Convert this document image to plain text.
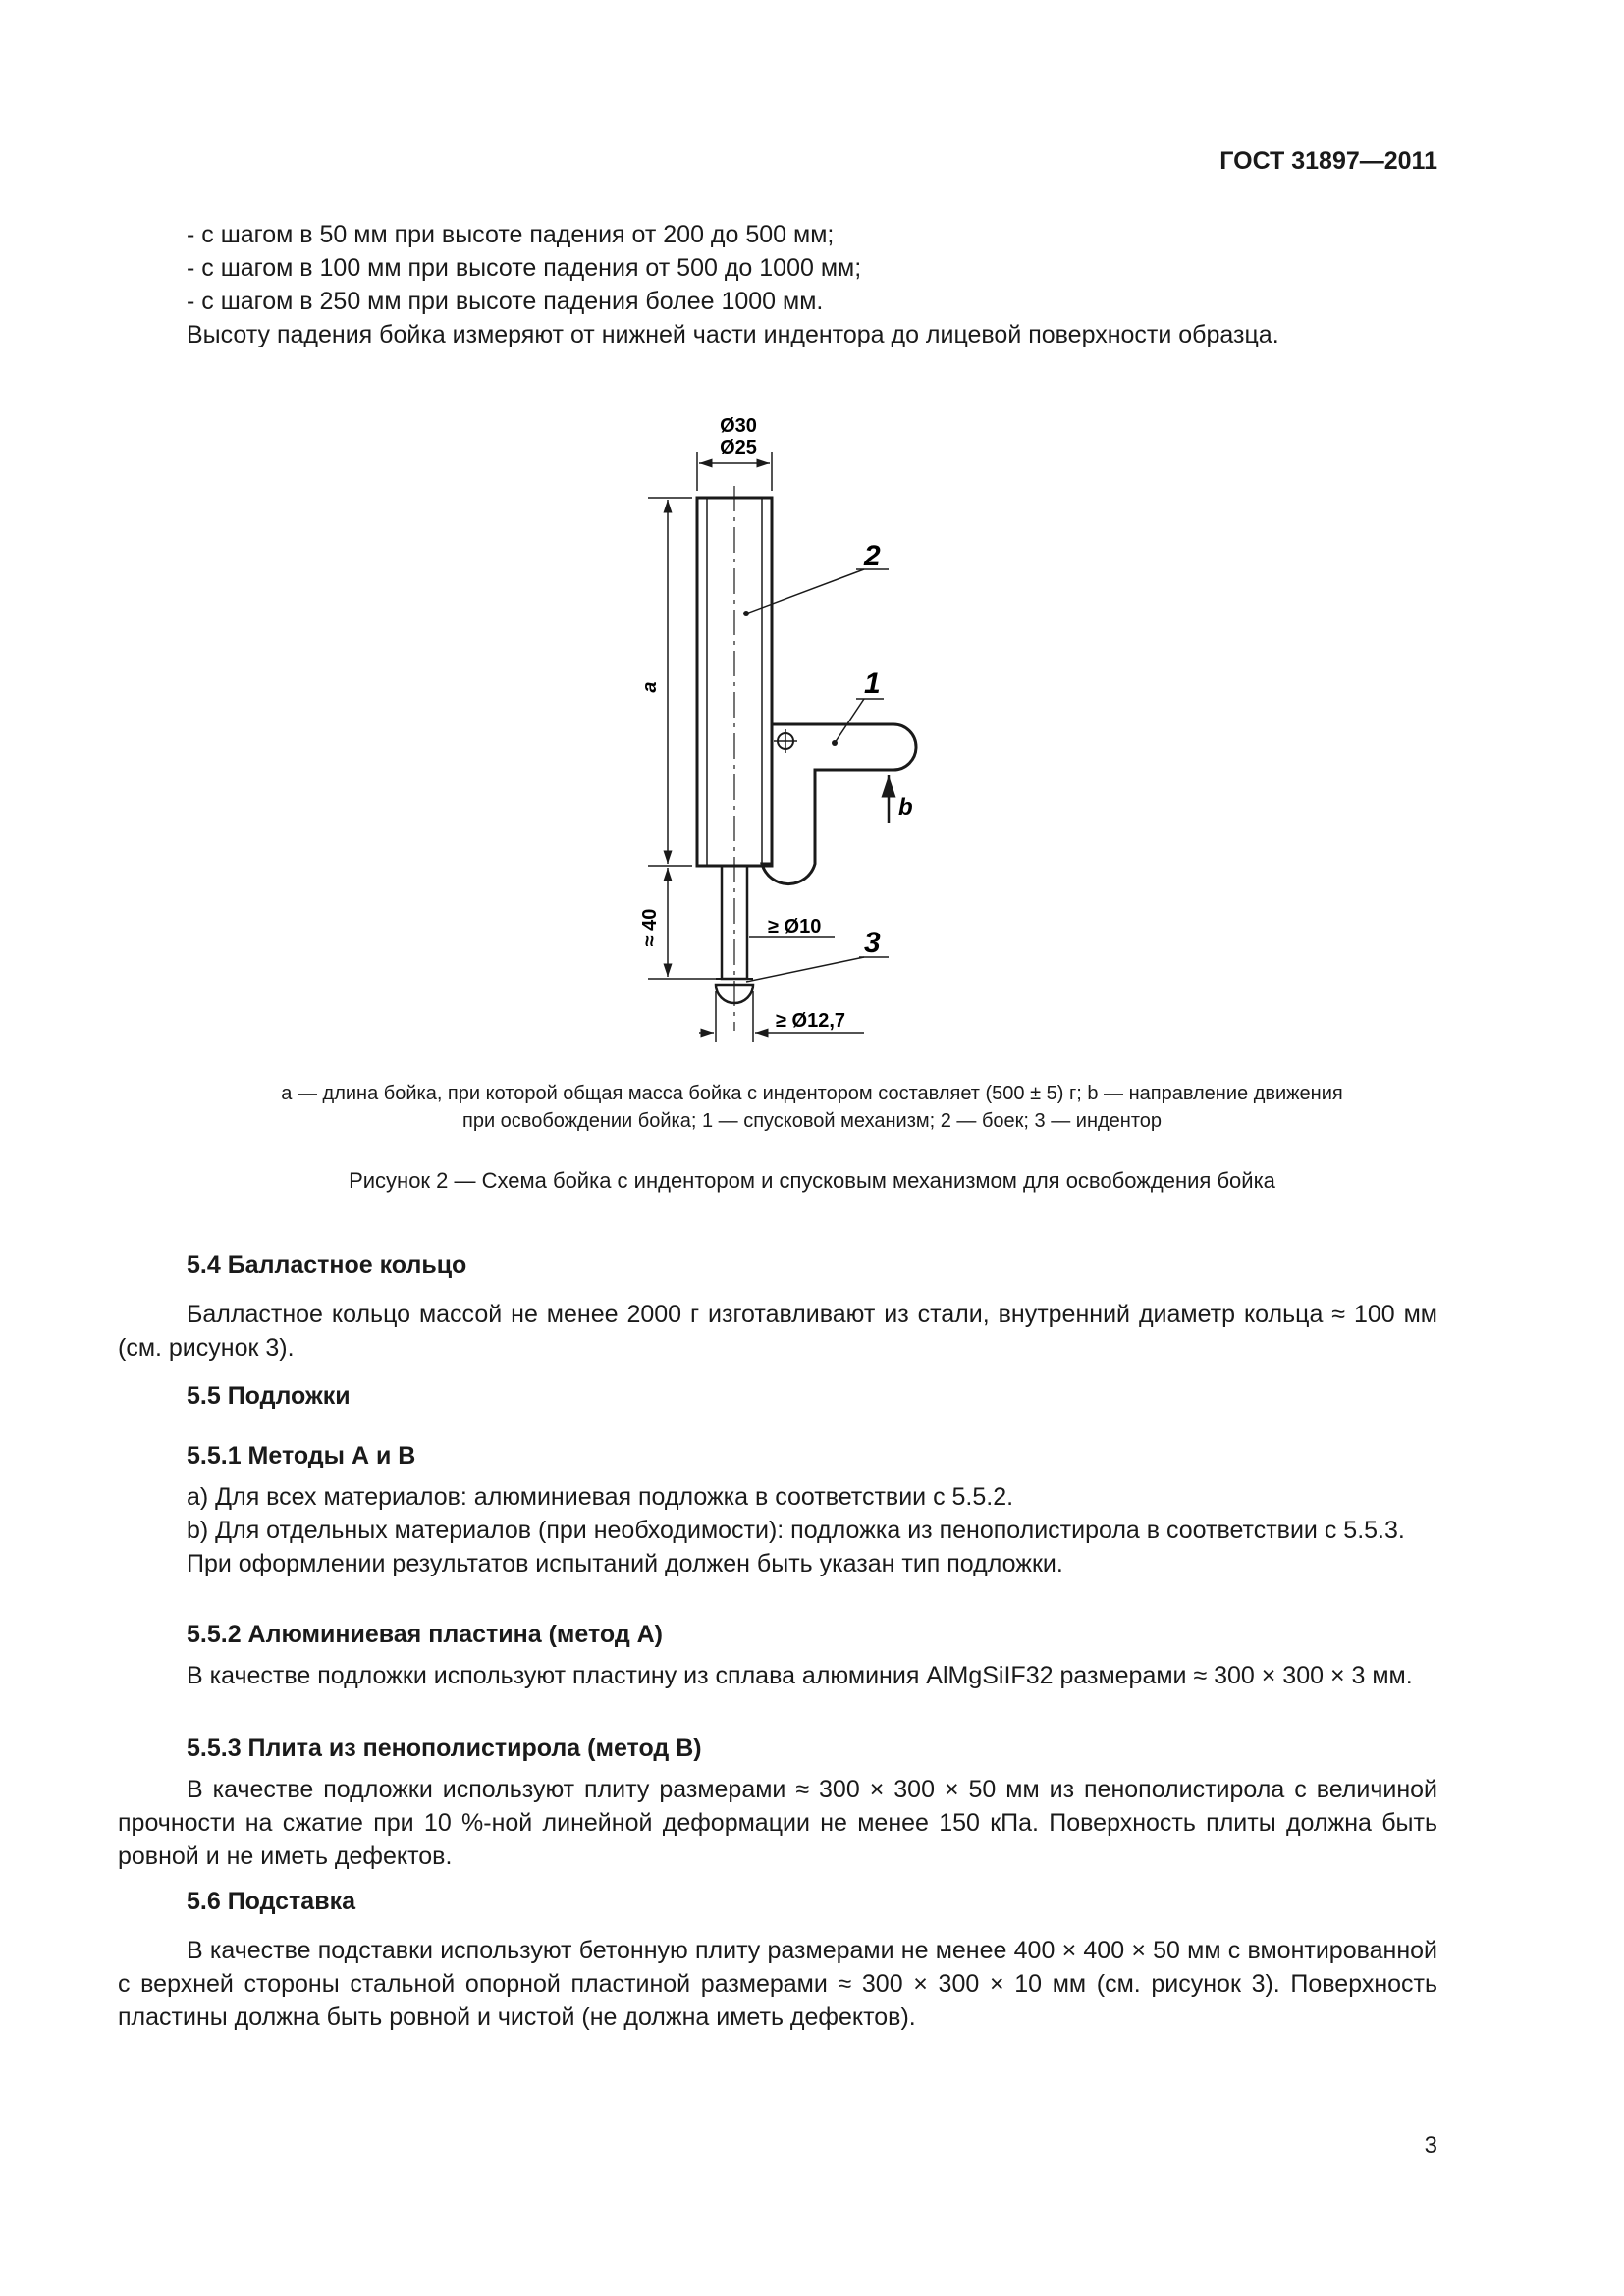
ГОСТ 31897—2011

- с шагом в 50 мм при высоте падения от 200 до 500 мм;

- с шагом в 100 мм при высоте падения от 500 до 1000 мм;

- с шагом в 250 мм при высоте падения более 1000 мм.

Высоту падения бойка измеряют от нижней части индентора до лицевой поверхности образца.

Ø30
Ø25
a
≈ 40	≥ Ø10
≥ Ø12,7
2
1
3
b
a — длина бойка, при которой общая масса бойка с индентором составляет (500 ± 5) г; b — направление движения
при освобождении бойка; 1 — спусковой механизм; 2 — боек; 3 — индентор
Рисунок 2 — Схема бойка с индентором и спусковым механизмом для освобождения бойка
5.4 Балластное кольцо

Балластное кольцо массой не менее 2000 г изготавливают из стали, внутренний диаметр кольца ≈ 100 мм (см. рисунок 3).

5.5 Подложки
5.5.1 Методы А и В

а) Для всех материалов: алюминиевая подложка в соответствии с 5.5.2.

b) Для отдельных материалов (при необходимости): подложка из пенополистирола в соответствии с 5.5.3.

При оформлении результатов испытаний должен быть указан тип подложки.

5.5.2 Алюминиевая пластина (метод А)

В качестве подложки используют пластину из сплава алюминия AlMgSiIF32 размерами ≈ 300 × 300 × 3 мм.

5.5.3 Плита из пенополистирола (метод В)

В качестве подложки используют плиту размерами ≈ 300 × 300 × 50 мм из пенополистирола с величиной прочности на сжатие при 10 %-ной линейной деформации не менее 150 кПа. Поверхность плиты должна быть ровной и не иметь дефектов.

5.6 Подставка

В качестве подставки используют бетонную плиту размерами не менее 400 × 400 × 50 мм с вмонтированной с верхней стороны стальной опорной пластиной размерами ≈ 300 × 300 × 10 мм (см. рисунок 3). Поверхность пластины должна быть ровной и чистой (не должна иметь дефектов).

3
